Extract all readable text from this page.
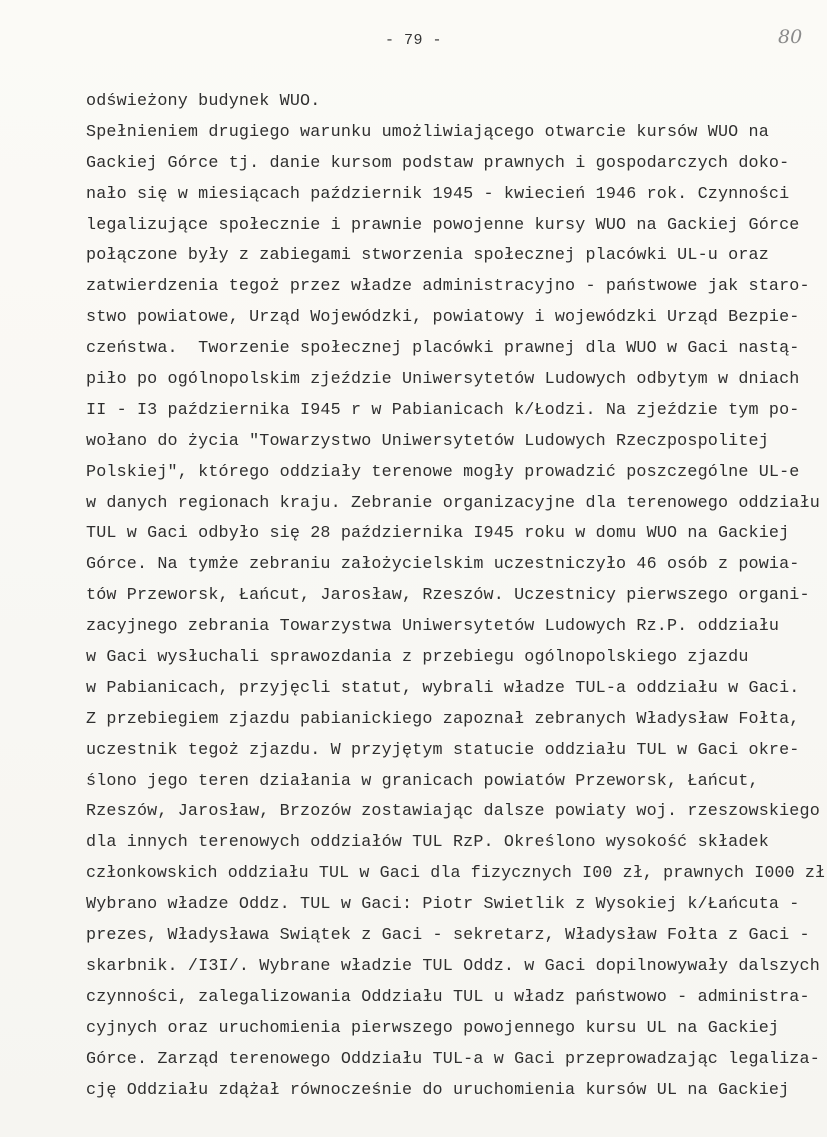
- 79 -	80
odświeżony budynek WUO.
Spełnieniem drugiego warunku umożliwiającego otwarcie kursów WUO na
Gackiej Górce tj. danie kursom podstaw prawnych i gospodarczych doko-
nało się w miesiącach październik 1945 - kwiecień 1946 rok. Czynności
legalizujące społecznie i prawnie powojenne kursy WUO na Gackiej Górce
połączone były z zabiegami stworzenia społecznej placówki UL-u oraz
zatwierdzenia tegoż przez władze administracyjno - państwowe jak staro-
stwo powiatowe, Urząd Wojewódzki, powiatowy i wojewódzki Urząd Bezpie-
czeństwa.  Tworzenie społecznej placówki prawnej dla WUO w Gaci nastą-
piło po ogólnopolskim zjeździe Uniwersytetów Ludowych odbytym w dniach
II - I3 października I945 r w Pabianicach k/Łodzi. Na zjeździe tym po-
wołano do życia "Towarzystwo Uniwersytetów Ludowych Rzeczpospolitej
Polskiej", którego oddziały terenowe mogły prowadzić poszczególne UL-e
w danych regionach kraju. Zebranie organizacyjne dla terenowego oddziału
TUL w Gaci odbyło się 28 października I945 roku w domu WUO na Gackiej
Górce. Na tymże zebraniu założycielskim uczestniczyło 46 osób z powia-
tów Przeworsk, Łańcut, Jarosław, Rzeszów. Uczestnicy pierwszego organi-
zacyjnego zebrania Towarzystwa Uniwersytetów Ludowych Rz.P. oddziału
w Gaci wysłuchali sprawozdania z przebiegu ogólnopolskiego zjazdu
w Pabianicach, przyjęcli statut, wybrali władze TUL-a oddziału w Gaci.
Z przebiegiem zjazdu pabianickiego zapoznał zebranych Władysław Fołta,
uczestnik tegoż zjazdu. W przyjętym statucie oddziału TUL w Gaci okre-
ślono jego teren działania w granicach powiatów Przeworsk, Łańcut,
Rzeszów, Jarosław, Brzozów zostawiając dalsze powiaty woj. rzeszowskiego
dla innych terenowych oddziałów TUL RzP. Określono wysokość składek
członkowskich oddziału TUL w Gaci dla fizycznych I00 zł, prawnych I000 zł
Wybrano władze Oddz. TUL w Gaci: Piotr Swietlik z Wysokiej k/Łańcuta -
prezes, Władysława Swiątek z Gaci - sekretarz, Władysław Fołta z Gaci -
skarbnik. /I3I/. Wybrane władzie TUL Oddz. w Gaci dopilnowywały dalszych
czynności, zalegalizowania Oddziału TUL u władz państwowo - administra-
cyjnych oraz uruchomienia pierwszego powojennego kursu UL na Gackiej
Górce. Zarząd terenowego Oddziału TUL-a w Gaci przeprowadzając legaliza-
cję Oddziału zdążał równocześnie do uruchomienia kursów UL na Gackiej
